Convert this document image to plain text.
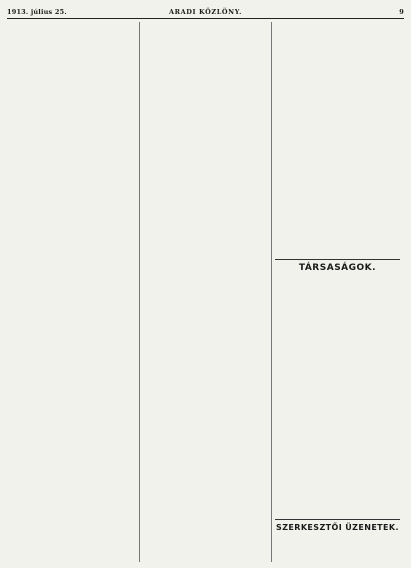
1913. július 25.	ARADI KÖZLÖNY.	9

TÁRSASÁGOK.
SZERKESZTŐI ÜZENETEK.
